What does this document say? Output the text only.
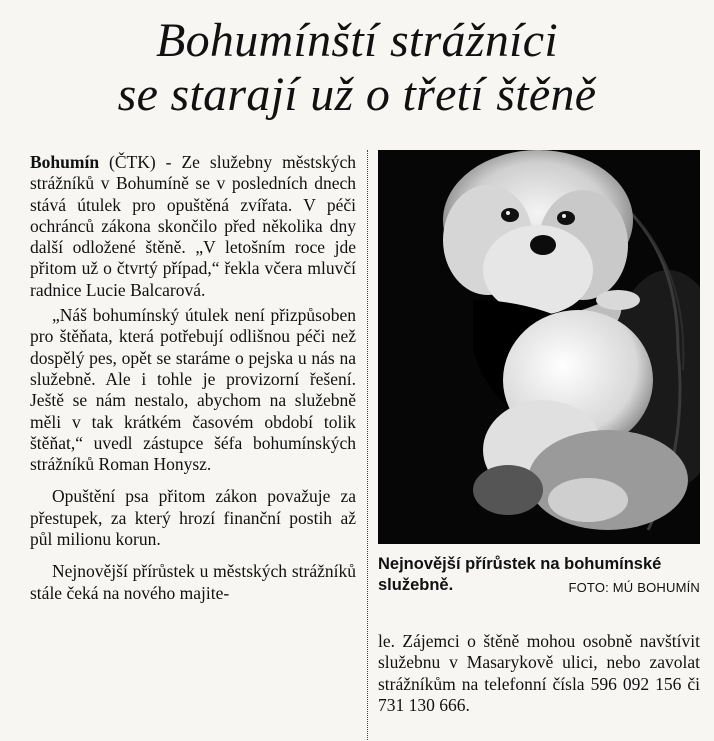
Bohumínští strážníci
se starají už o třetí štěně

Bohumín (ČTK) - Ze služebny městských strážníků v Bohumíně se v posledních dnech stává útulek pro opuštěná zvířata. V péči ochránců zákona skončilo před několika dny další odložené štěně. „V letošním roce jde přitom už o čtvrtý případ,“ řekla včera mluvčí radnice Lucie Balcarová.

„Náš bohumínský útulek není přizpůsoben pro štěňata, která potřebují odlišnou péči než dospělý pes, opět se staráme o pejska u nás na služebně. Ale i tohle je provizorní řešení. Ještě se nám nestalo, abychom na služebně měli v tak krátkém časovém období tolik štěňat,“ uvedl zástupce šéfa bohumínských strážníků Roman Honysz.

Opuštění psa přitom zákon považuje za přestupek, za který hrozí finanční postih až půl milionu korun.

Nejnovější přírůstek u městských strážníků stále čeká na nového majite-

Nejnovější přírůstek na bohumínské služebně.	FOTO: MÚ BOHUMÍN

le. Zájemci o štěně mohou osobně navštívit služebnu v Masarykově ulici, nebo zavolat strážníkům na telefonní čísla 596 092 156 či 731 130 666.
